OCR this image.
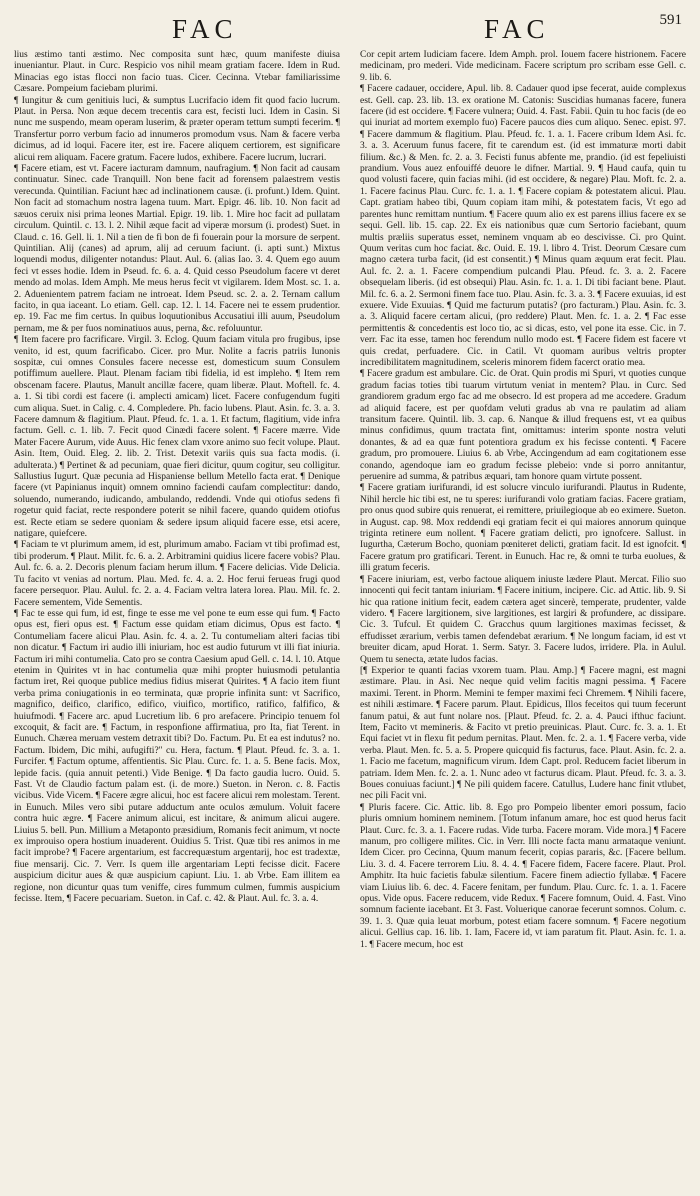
FAC	FAC	591

lius æstimo tanti æstimo. Nec composita sunt hæc, quum manifeste diuisa inueniantur. Plaut. in Curc. Respicio vos nihil meam gratiam facere. Idem in Rud. Minacias ego istas flocci non facio tuas. Cicer. Cecinna. Vtebar familiarissime Cæsare. Pompeium faciebam plurimi.

¶ Iungitur & cum genitiuis luci, & sumptus Lucrifacio idem fit quod facio lucrum. Plaut. in Persa. Non æque decem trecentis cara est, fecisti luci. Idem in Casin. Si nunc me suspendo, meam operam luserim, & præter operam tettum sumpti fecerim. ¶ Transfertur porro verbum facio ad innumeros promodum vsus. Nam & facere verba dicimus, ad id loqui. Facere iter, est ire. Facere aliquem certiorem, est significare alicui rem aliquam. Facere gratum. Facere ludos, exhibere. Facere lucrum, lucrari.

¶ Facere etiam, est vt. Facere iacturam damnum, naufragium. ¶ Non facit ad causam continuatur. Sinec. cade Tranquill. Non bene facit ad forensem palaestrem vestis verecunda. Quintilian. Faciunt hæc ad inclinationem causæ. (i. profunt.) Idem. Quint. Non facit ad stomachum nostra lagena tuum. Mart. Epigr. 46. lib. 10. Non facit ad sæuos ceruix nisi prima leones Martial. Epigr. 19. lib. 1. Mire hoc facit ad pullatam circulum. Quintil. c. 13. l. 2. Nihil æque facit ad viperæ morsum (i. prodest) Suet. in Claud. c. 16. Gell. li. 1. Nil a tien de fi bon de fi fouerain pour la morsure de serpent. Quintilian. Alij (canes) ad aprum, alij ad ceruum faciunt. (i. apti sunt.) Mixtus loquendi modus, diligenter notandus: Plaut. Aul. 6. (alias Iao. 3. 4. Quem ego auum feci vt esses hodie. Idem in Pseud. fc. 6. a. 4. Quid cesso Pseudolum facere vt deret mendo ad molas. Idem Amph. Me meus herus fecit vt vigilarem. Idem Most. sc. 1. a. 2. Aduenientem patrem faciam ne introeat. Idem Pseud. sc. 2. a. 2. Ternam callum facito, in qua iaceant. Lo etiam. Gell. cap. 12. l. 14. Facere nei te essem prudentior. ep. 19. Fac me fim certus. In quibus loquutionibus Accusatiui illi auum, Pseudolum pernam, me & per fuos nominatiuos auus, perna, &c. refoluuntur.

¶ Item facere pro facrificare. Virgil. 3. Eclog. Quum faciam vitula pro frugibus, ipse venito, id est, quum facrificabo. Cicer. pro Mur. Nolite a facris patriis Iunonis sospitæ, cui omnes Consules facere necesse est, domesticum suum Consulem potiffimum auellere. Plaut. Plenam faciam tibi fidelia, id est impleho. ¶ Item rem obscenam facere. Plautus, Manult ancillæ facere, quam liberæ. Plaut. Moftell. fc. 4. a. 1. Si tibi cordi est facere (i. amplecti amicam) licet. Facere confugendum fugiti cum aliqua. Suet. in Calig. c. 4. Compledere. Ph. facio lubens. Plaut. Asin. fc. 3. a. 3. Facere damnum & flagitium. Plaut. Pfeud. fc. 1. a. 1. Et factum, flagitium, vide infra factum. Gell. c. 1. lib. 7. Fecit quod Cinædi facere solent. ¶ Facere mærre. Vide Mater Facere Aurum, vide Auus. Hic fenex clam vxore animo suo fecit volupe. Plaut. Asin. Item, Ouid. Eleg. 2. lib. 2. Trist. Detexit variis quis sua facta modis. (i. adulterata.) ¶ Pertinet & ad pecuniam, quae fieri dicitur, quum cogitur, seu colligitur. Sallustius Iugurt. Quæ pecunia ad Hispaniense bellum Metello facta erat. ¶ Denique facere (vt Papinianus inquit) omnem omnino faciendi caufam complectitur: dando, soluendo, numerando, iudicando, ambulando, reddendi. Vnde qui otiofus sedens fi rogetur quid faciat, recte respondere poterit se nihil facere, quando quidem otiofus est. Recte etiam se sedere quoniam & sedere ipsum aliquid facere esse, etsi acere, natigare, quiefcere.

¶ Faciam te vt plurimum amem, id est, plurimum amabo. Faciam vt tibi profimad est, tibi proderum. ¶ Plaut. Milit. fc. 6. a. 2. Arbitramini quidius licere facere vobis? Plau. Aul. fc. 6. a. 2. Decoris plenum faciam herum illum. ¶ Facere delicias. Vide Delicia. Tu facito vt venias ad nortum. Plau. Med. fc. 4. a. 2. Hoc ferui ferueas frugi quod facere persequor. Plau. Aulul. fc. 2. a. 4. Faciam veltra latera lorea. Plau. Mil. fc. 2. Facere sementem, Vide Sementis.

¶ Fac te esse qui fum, id est, finge te esse me vel pone te eum esse qui fum. ¶ Facto opus est, fieri opus est. ¶ Factum esse quidam etiam dicimus, Opus est facto. ¶ Contumeliam facere alicui Plau. Asin. fc. 4. a. 2. Tu contumeliam alteri facias tibi non dicatur. ¶ Factum iri audio illi iniuriam, hoc est audio futurum vt illi fiat iniuria. Factum iri mihi contumelia. Cato pro se contra Caesium apud Gell. c. 14. l. 10. Atque etenim in Quirites vt in hac contumelia quæ mihi propter huiusmodi petulantia factum iret, Rei quoque publice medius fidius miserat Quirites. ¶ A facio item fiunt verba prima coniugationis in eo terminata, quæ proprie infinita sunt: vt Sacrifico, magnifico, deifico, clarifico, edifico, viuifico, mortifico, ratifico, falfifico, & huiufmodi. ¶ Facere arc. apud Lucretium lib. 6 pro arefacere. Principio tenuem fol excoquit, & facit are. ¶ Factum, in responfione affirmatiua, pro Ita, fiat Terent. in Eunuch. Chærea meruam vestem detraxit tibi? Do. Factum. Pu. Et ea est indutus? no. Factum. Ibidem, Dic mihi, aufugifti?" cu. Hera, factum. ¶ Plaut. Pfeud. fc. 3. a. 1. Furcifer. ¶ Factum optume, affentientis. Sic Plau. Curc. fc. 1. a. 5. Bene facis. Mox, lepide facis. (quia annuit petenti.) Vide Benige. ¶ Da facto gaudia lucro. Ouid. 5. Fast. Vt de Claudio factum palam est. (i. de more.) Sueton. in Neron. c. 8. Factis vicibus. Vide Vicem. ¶ Facere ægre alicui, hoc est facere alicui rem molestam. Terent. in Eunuch. Miles vero sibi putare adductum ante oculos æmulum. Voluit facere contra huic ægre. ¶ Facere animum alicui, est incitare, & animum alicui augere. Liuius 5. bell. Pun. Millium a Metaponto præsidium, Romanis fecit animum, vt nocte ex improuiso opera hostium inuaderent. Ouidius 5. Trist. Quæ tibi res animos in me facit improbe? ¶ Facere argentarium, est faccrequæstum argentarij, hoc est tradextæ, fiue mensarij. Cic. 7. Verr. Is quem ille argentariam Lepti fecisse dicit. Facere auspicium dicitur aues & quæ auspicium capiunt. Liu. 1. ab Vrbe. Eam illitem ea regione, non dicuntur quas tum veniffe, cires fummum culmen, fummis auspicium fecisse. Item, ¶ Facere pecuariam. Sueton. in Caf. c. 42. & Plaut. Aul. fc. 3. a. 4.

Cor cepit artem Iudiciam facere. Idem Amph. prol. Iouem facere histrionem. Facere medicinam, pro mederi. Vide medicinam. Facere scriptum pro scribam esse Gell. c. 9. lib. 6.

¶ Facere cadauer, occidere, Apul. lib. 8. Cadauer quod ipse fecerat, auide complexus est. Gell. cap. 23. lib. 13. ex oratione M. Catonis: Suscidias humanas facere, funera facere (id est occidere. ¶ Facere vulnera; Ouid. 4. Fast. Fabii. Quin tu hoc facis (de eo qui inuriat ad mortem exemplo fuo) Facere paucos dies cum aliquo. Senec. epist. 97. ¶ Facere dammum & flagitium. Plau. Pfeud. fc. 1. a. 1. Facere cribum Idem Asi. fc. 3. a. 3. Aceruum funus facere, fit te carendum est. (id est immaturæ morti dabit filium. &c.) & Men. fc. 2. a. 3. Fecisti funus abfente me, prandio. (id est fepeliuisti prandium. Vous auez enfouiffé deuore le difner. Martial. 9. ¶ Haud caufa, quin tu quod volusti facere, quin facias mihi. (id est occidere, & negare) Plau. Moft. fc. 2. a. 1. Facere facinus Plau. Curc. fc. 1. a. 1. ¶ Facere copiam & potestatem alicui. Plau. Capt. gratiam habeo tibi, Quum copiam itam mihi, & potestatem facis, Vt ego ad parentes hunc remittam nuntium. ¶ Facere quum alio ex est parens illius facere ex se sequi. Gell. lib. 15. cap. 22. Ex eis nationibus quæ cum Sertorio faciebant, quum multis præliis superatus esset, neminem vnquam ab eo descivisse. Ci. pro Quint. Quum veritas cum hoc faciat. &c. Ouid. E. 19. l. libro 4. Trist. Deorum Cæsare cum magno cætera turba facit, (id est consentit.) ¶ Minus quam æquum erat fecit. Plau. Aul. fc. 2. a. 1. Facere compendium pulcandi Plau. Pfeud. fc. 3. a. 2. Facere obsequelam liberis. (id est obsequi) Plau. Asin. fc. 1. a. 1. Di tibi faciant bene. Plaut. Mil. fc. 6. a. 2. Sermoni finem face tuo. Plau. Asin. fc. 3. a. 3. ¶ Facere exuuias, id est exuere. Vide Exuuias. ¶ Quid me facturum putatis? (pro facturam.) Plau. Asin. fc. 3. a. 3. Aliquid facere certam alicui, (pro reddere) Plaut. Men. fc. 1. a. 2. ¶ Fac esse permittentis & concedentis est loco tio, ac si dicas, esto, vel pone ita esse. Cic. in 7. verr. Fac ita esse, tamen hoc ferendum nullo modo est. ¶ Facere fidem est facere vt quis credat, perfuadere. Cic. in Catil. Vt quomam auribus veltris propter incredibilitatem magnitudinem, sceleris minorem fidem facerct oratio mea.

¶ Facere gradum est ambulare. Cic. de Orat. Quin prodis mi Spuri, vt quoties cunque gradum facias toties tibi tuarum virtutum veniat in mentem? Plau. in Curc. Sed grandiorem gradum ergo fac ad me obsecro. Id est propera ad me accedere. Gradum ad aliquid facere, est per quofdam veluti gradus ab vna re paulatim ad aliam transitum facere. Quintil. lib. 3. cap. 6. Nanque & illud frequens est, vt ea quibus minus confidimus, quum tractata fint, omittamus: interim sponte nostra veluti donantes, & ad ea quæ funt potentiora gradum ex his fecisse contenti. ¶ Facere gradum, pro promouere. Liuius 6. ab Vrbe, Accingendum ad eam cogitationem esse conando, agendoque iam eo gradum fecisse plebeio: vnde si porro annitantur, peruenire ad summa, & patribus æquari, tam honore quam virtute possent.

¶ Facere gratiam iurifurandi, id est solucre vinculo iurifurandi. Plautus in Rudente, Nihil hercle hic tibi est, ne tu speres: iurifurandi volo gratiam facias. Facere gratiam, pro onus quod subire quis renuerat, ei remittere, priuilegioque ab eo eximere. Sueton. in August. cap. 98. Mox reddendi eqi gratiam fecit ei qui maiores annorum quinque triginta retinere eum nollent. ¶ Facere gratiam delicti, pro ignofcere. Sallust. in Iugurtha, Cæterum Bocho, quoniam pœniteret delicti, gratiam facit. Id est ignofcit. ¶ Facere gratum pro gratificari. Terent. in Eunuch. Hac re, & omni te turba euolues, & illi gratum feceris.

¶ Facere iniuriam, est, verbo factoue aliquem iniuste lædere Plaut. Mercat. Filio suo innocenti qui fecit tantam iniuriam. ¶ Facere initium, incipere. Cic. ad Attic. lib. 9. Si hic qua ratione initium fecit, eadem cætera aget sincerè, temperate, prudenter, valde videro. ¶ Facere largitionem, sive largitiones, est largiri & profundere, ac dissipare. Cic. 3. Tufcul. Et quidem C. Gracchus quum largitiones maximas fecisset, & effudisset ærarium, verbis tamen defendebat ærarium. ¶ Ne longum faciam, id est vt breuiter dicam, apud Horat. 1. Serm. Satyr. 3. Facere ludos, irridere. Pla. in Aulul. Quem tu senecta, ætate ludos facias.

[¶ Experior te quanti facias vxorem tuam. Plau. Amp.] ¶ Facere magni, est magni æstimare. Plau. in Asi. Nec neque quid velim facitis magni pessima. ¶ Facere maximi. Terent. in Phorm. Memini te femper maximi feci Chremem. ¶ Nihili facere, est nihili æstimare. ¶ Facere parum. Plaut. Epidicus, Illos feceitos qui tuum fecerunt fanum patui, & aut funt nolare nos. [Plaut. Pfeud. fc. 2. a. 4. Pauci ifthuc faciunt. Item, Facito vt memineris. & Facito vt pretio preuinicas. Plaut. Curc. fc. 3. a. 1. Et Equi faciet vt in flexu fit pedum pernitas. Plaut. Men. fc. 2. a. 1. ¶ Facere verba, vide verba. Plaut. Men. fc. 5. a. 5. Propere quicquid fis facturus, face. Plaut. Asin. fc. 2. a. 1. Facio me facetum, magnificum virum. Idem Capt. prol. Reducem faciet liberum in patriam. Idem Men. fc. 2. a. 1. Nunc adeo vt facturus dicam. Plaut. Pfeud. fc. 3. a. 3. Boues conuiuas faciunt.] ¶ Ne pili quidem facere. Catullus, Ludere hanc finit vtlubet, nec pili Facit vni.

¶ Pluris facere. Cic. Attic. lib. 8. Ego pro Pompeio libenter emori possum, facio pluris omnium hominem neminem. [Totum infanum amare, hoc est quod herus facit Plaut. Curc. fc. 3. a. 1. Facere rudas. Vide turba. Facere moram. Vide mora.] ¶ Facere manum, pro colligere milites. Cic. in Verr. Illi nocte facta manu armataque veniunt. Idem Cicer. pro Cecinna, Quum manum fecerit, copias pararis, &c. [Facere bellum. Liu. 3. d. 4. Facere terrorem Liu. 8. 4. 4. ¶ Facere fidem, Facere facere. Plaut. Prol. Amphitr. Ita huic facietis fabulæ silentium. Facere finem adiectio fyllabæ. ¶ Facere viam Liuius lib. 6. dec. 4. Facere fenitam, per fundum. Plau. Curc. fc. 1. a. 1. Facere opus. Vide opus. Facere reducem, vide Redux. ¶ Facere fomnum, Ouid. 4. Fast. Vino somnum faciente iacebant. Et 3. Fast. Voluerique canorae fecerunt somnos. Colum. c. 39. 1. 3. Quæ quia leuat morbum, potest etiam facere somnum. ¶ Facere negotium alicui. Gellius cap. 16. lib. 1. Iam, Facere id, vt iam paratum fit. Plaut. Asin. fc. 1. a. 1. ¶ Facere mecum, hoc est
